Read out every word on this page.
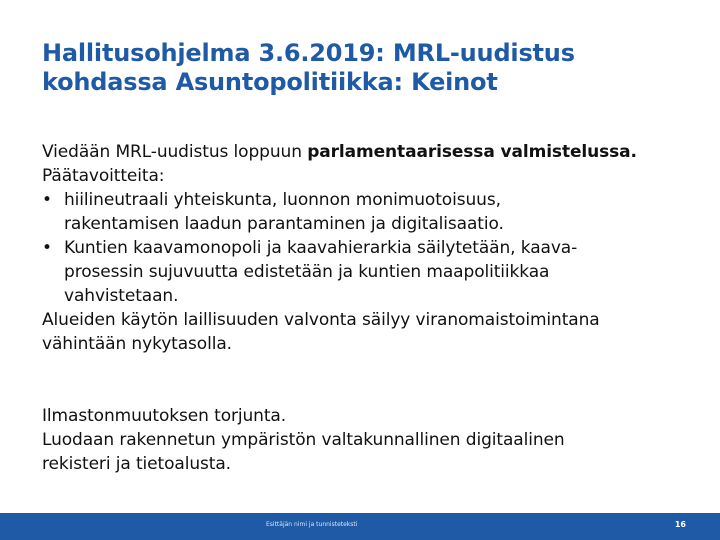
Hallitusohjelma 3.6.2019: MRL-uudistus
kohdassa Asuntopolitiikka: Keinot

Viedään MRL-uudistus loppuun parlamentaarisessa valmistelussa.

Päätavoitteita:

• hiilineutraali yhteiskunta, luonnon monimuotoisuus,
rakentamisen laadun parantaminen ja digitalisaatio.
• Kuntien kaavamonopoli ja kaavahierarkia säilytetään, kaava-
prosessin sujuvuutta edistetään ja kuntien maapolitiikkaa
vahvistetaan.

Alueiden käytön laillisuuden valvonta säilyy viranomaistoimintana
vähintään nykytasolla.

Ilmastonmuutoksen torjunta.

Luodaan rakennetun ympäristön valtakunnallinen digitaalinen
rekisteri ja tietoalusta.

Esittäjän nimi ja tunnisteteksti	16
